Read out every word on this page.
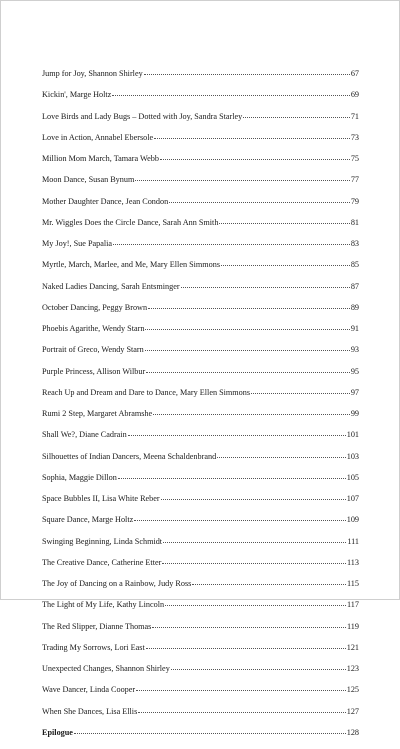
Jump for Joy, Shannon Shirley	67
Kickin', Marge Holtz	69
Love Birds and Lady Bugs – Dotted with Joy, Sandra Starley	71
Love in Action, Annabel Ebersole	73
Million Mom March, Tamara Webb	75
Moon Dance, Susan Bynum	77
Mother Daughter Dance, Jean Condon	79
Mr. Wiggles Does the Circle Dance, Sarah Ann Smith	81
My Joy!, Sue Papalia	83
Myrtle, March, Marlee, and Me, Mary Ellen Simmons	85
Naked Ladies Dancing, Sarah Entsminger	87
October Dancing, Peggy Brown	89
Phoebis Agarithe, Wendy Starn	91
Portrait of Greco, Wendy Starn	93
Purple Princess, Allison Wilbur	95
Reach Up and Dream and Dare to Dance, Mary Ellen Simmons	97
Rumi 2 Step, Margaret Abramshe	99
Shall We?, Diane Cadrain	101
Silhouettes of Indian Dancers, Meena Schaldenbrand	103
Sophia, Maggie Dillon	105
Space Bubbles II, Lisa White Reber	107
Square Dance, Marge Holtz	109
Swinging Beginning, Linda Schmidt	111
The Creative Dance, Catherine Etter	113
The Joy of Dancing on a Rainbow, Judy Ross	115
The Light of My Life, Kathy Lincoln	117
The Red Slipper, Dianne Thomas	119
Trading My Sorrows, Lori East	121
Unexpected Changes, Shannon Shirley	123
Wave Dancer, Linda Cooper	125
When She Dances, Lisa Ellis	127
Epilogue	128
